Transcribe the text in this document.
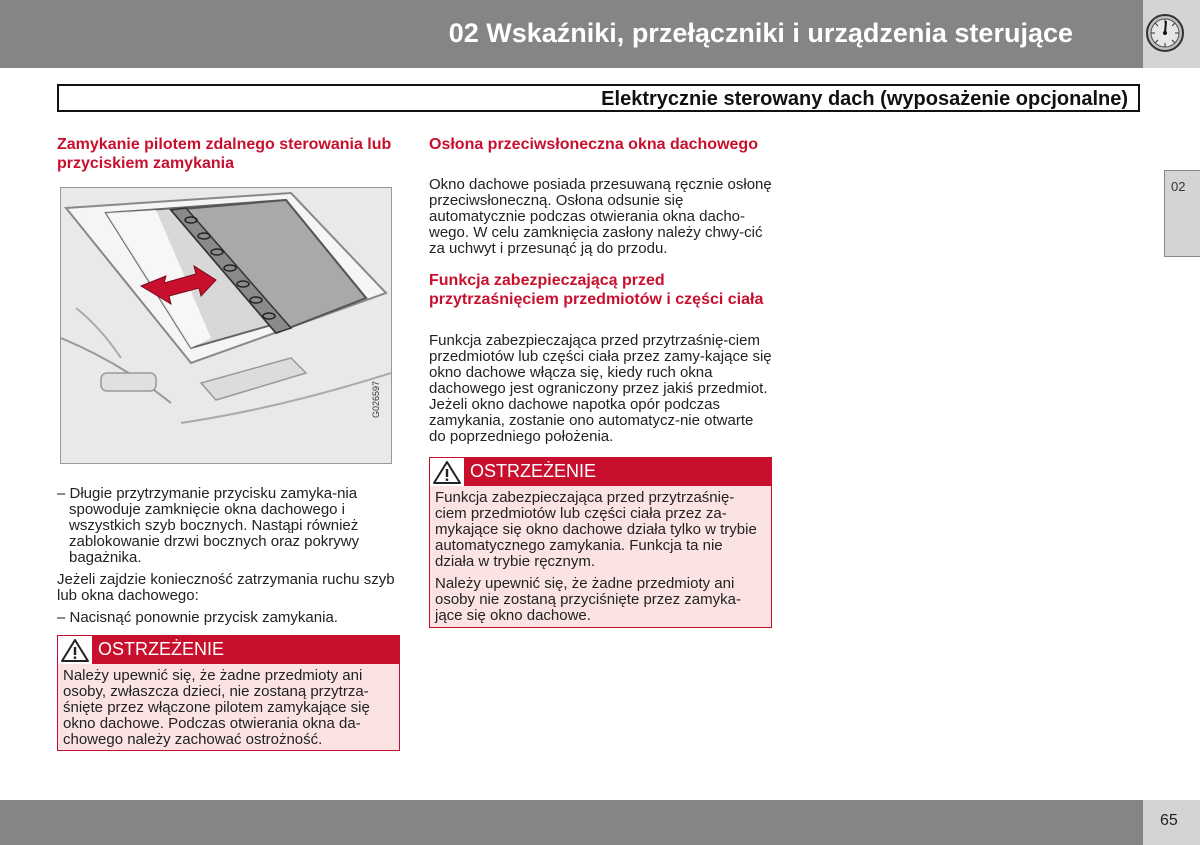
02 Wskaźniki, przełączniki i urządzenia sterujące
Elektrycznie sterowany dach (wyposażenie opcjonalne)
02
Zamykanie pilotem zdalnego sterowania lub przyciskiem zamykania
G026597

– Długie przytrzymanie przycisku zamyka-nia spowoduje zamknięcie okna dachowego i wszystkich szyb bocznych. Nastąpi również zablokowanie drzwi bocznych oraz pokrywy bagażnika.

Jeżeli zajdzie konieczność zatrzymania ruchu szyb lub okna dachowego:

– Nacisnąć ponownie przycisk zamykania.

OSTRZEŻENIE

Należy upewnić się, że żadne przedmioty ani osoby, zwłaszcza dzieci, nie zostaną przytrza-śnięte przez włączone pilotem zamykające się okno dachowe. Podczas otwierania okna da-chowego należy zachować ostrożność.

Osłona przeciwsłoneczna okna dachowego

Okno dachowe posiada przesuwaną ręcznie osłonę przeciwsłoneczną. Osłona odsunie się automatycznie podczas otwierania okna dacho-wego. W celu zamknięcia zasłony należy chwy-cić za uchwyt i przesunąć ją do przodu.

Funkcja zabezpieczającą przed przytrzaśnięciem przedmiotów i części ciała

Funkcja zabezpieczająca przed przytrzaśnię-ciem przedmiotów lub części ciała przez zamy-kające się okno dachowe włącza się, kiedy ruch okna dachowego jest ograniczony przez jakiś przedmiot. Jeżeli okno dachowe napotka opór podczas zamykania, zostanie ono automatycz-nie otwarte do poprzedniego położenia.

OSTRZEŻENIE

Funkcja zabezpieczająca przed przytrzaśnię-ciem przedmiotów lub części ciała przez za-mykające się okno dachowe działa tylko w trybie automatycznego zamykania. Funkcja ta nie działa w trybie ręcznym.

Należy upewnić się, że żadne przedmioty ani osoby nie zostaną przyciśnięte przez zamyka-jące się okno dachowe.

65
